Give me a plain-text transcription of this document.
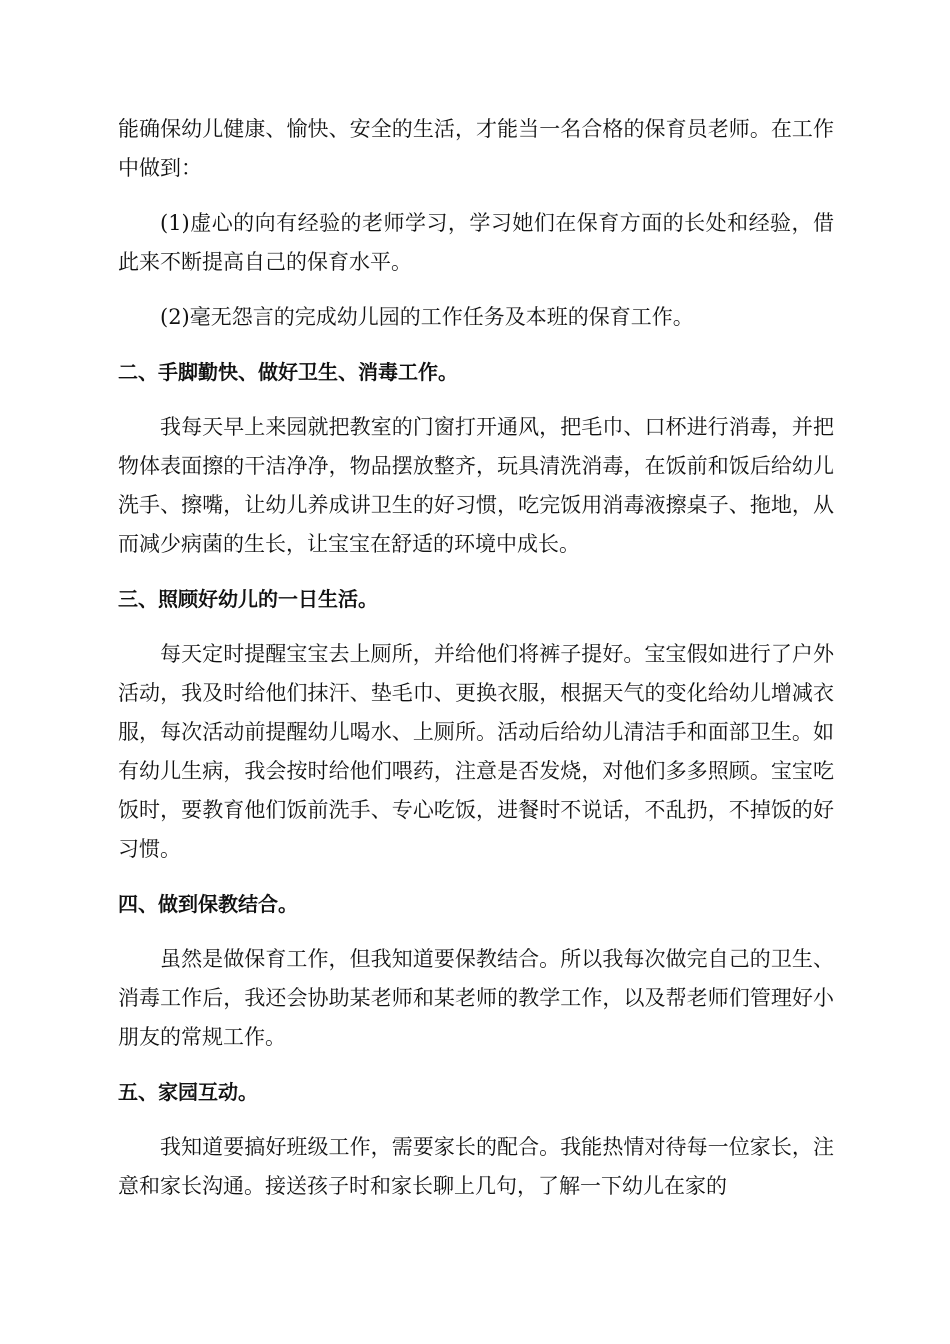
能确保幼儿健康、愉快、安全的生活，才能当一名合格的保育员老师。在工作中做到：

(1)虚心的向有经验的老师学习，学习她们在保育方面的长处和经验，借此来不断提高自己的保育水平。

(2)毫无怨言的完成幼儿园的工作任务及本班的保育工作。

二、手脚勤快、做好卫生、消毒工作。

我每天早上来园就把教室的门窗打开通风，把毛巾、口杯进行消毒，并把物体表面擦的干洁净净，物品摆放整齐，玩具清洗消毒，在饭前和饭后给幼儿洗手、擦嘴，让幼儿养成讲卫生的好习惯，吃完饭用消毒液擦桌子、拖地，从而减少病菌的生长，让宝宝在舒适的环境中成长。

三、照顾好幼儿的一日生活。

每天定时提醒宝宝去上厕所，并给他们将裤子提好。宝宝假如进行了户外活动，我及时给他们抹汗、垫毛巾、更换衣服，根据天气的变化给幼儿增减衣服，每次活动前提醒幼儿喝水、上厕所。活动后给幼儿清洁手和面部卫生。如有幼儿生病，我会按时给他们喂药，注意是否发烧，对他们多多照顾。宝宝吃饭时，要教育他们饭前洗手、专心吃饭，进餐时不说话，不乱扔，不掉饭的好习惯。

四、做到保教结合。

虽然是做保育工作，但我知道要保教结合。所以我每次做完自己的卫生、消毒工作后，我还会协助某老师和某老师的教学工作，以及帮老师们管理好小朋友的常规工作。

五、家园互动。

我知道要搞好班级工作，需要家长的配合。我能热情对待每一位家长，注意和家长沟通。接送孩子时和家长聊上几句，了解一下幼儿在家的
